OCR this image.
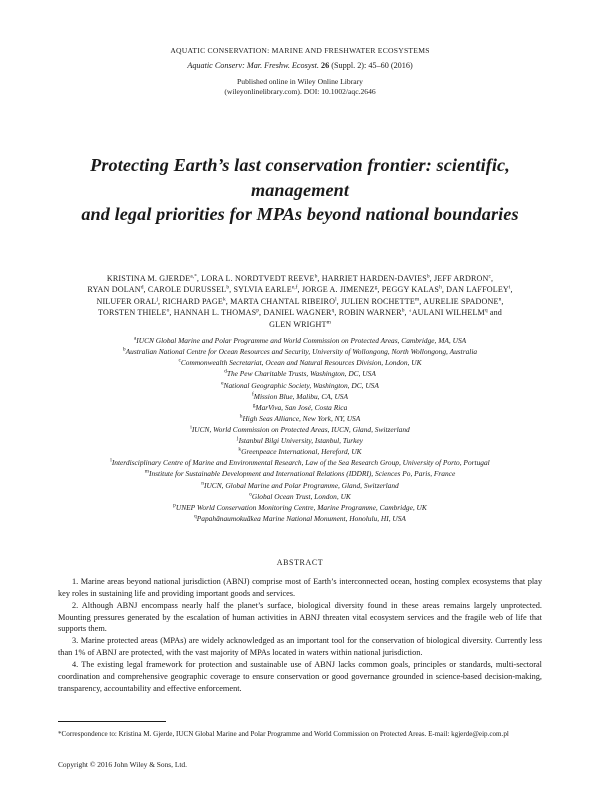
AQUATIC CONSERVATION: MARINE AND FRESHWATER ECOSYSTEMS
Aquatic Conserv: Mar. Freshw. Ecosyst. 26 (Suppl. 2): 45–60 (2016)
Published online in Wiley Online Library
(wileyonlinelibrary.com). DOI: 10.1002/aqc.2646
Protecting Earth’s last conservation frontier: scientific, management
and legal priorities for MPAs beyond national boundaries
KRISTINA M. $GJERDE^{a,*}$, LORA L. NORDTVEDT REEVE$^b$, HARRIET HARDEN-DAVIES$^b$, JEFF ARDRON$^c$,
RYAN DOLAN$^d$, CAROLE DURUSSEL$^b$, SYLVIA EARLE$^{e,f}$, JORGE A. JIMENEZ$^g$, PEGGY KALAS$^h$, DAN LAFFOLEY$^i$,
NILUFER ORAL$^j$, RICHARD PAGE$^k$, MARTA CHANTAL RIBEIRO$^l$, JULIEN ROCHETTE$^m$, AURELIE SPADONE$^n$,
TORSTEN THIELE$^o$, HANNAH L. THOMAS$^p$, DANIEL WAGNER$^q$, ROBIN WARNER$^b$, ʻAULANI WILHELM$^q$ and
GLEN WRIGHT$^m$
$^a$IUCN Global Marine and Polar Programme and World Commission on Protected Areas, Cambridge, MA, USA
$^b$Australian National Centre for Ocean Resources and Security, University of Wollongong, North Wollongong, Australia
$^c$Commonwealth Secretariat, Ocean and Natural Resources Division, London, UK
$^d$The Pew Charitable Trusts, Washington, DC, USA
$^e$National Geographic Society, Washington, DC, USA
$^f$Mission Blue, Malibu, CA, USA
$^g$MarViva, San José, Costa Rica
$^h$High Seas Alliance, New York, NY, USA
$^i$IUCN, World Commission on Protected Areas, IUCN, Gland, Switzerland
$^j$Istanbul Bilgi University, Istanbul, Turkey
$^k$Greenpeace International, Hereford, UK
$^l$Interdisciplinary Centre of Marine and Environmental Research, Law of the Sea Research Group, University of Porto, Portugal
$^m$Institute for Sustainable Development and International Relations (IDDRI), Sciences Po, Paris, France
$^n$IUCN, Global Marine and Polar Programme, Gland, Switzerland
$^o$Global Ocean Trust, London, UK
$^p$UNEP World Conservation Monitoring Centre, Marine Programme, Cambridge, UK
$^q$Papahānaumokuākea Marine National Monument, Honolulu, HI, USA
ABSTRACT

1. Marine areas beyond national jurisdiction (ABNJ) comprise most of Earth’s interconnected ocean, hosting complex ecosystems that play key roles in sustaining life and providing important goods and services.

2. Although ABNJ encompass nearly half the planet’s surface, biological diversity found in these areas remains largely unprotected. Mounting pressures generated by the escalation of human activities in ABNJ threaten vital ecosystem services and the fragile web of life that supports them.

3. Marine protected areas (MPAs) are widely acknowledged as an important tool for the conservation of biological diversity. Currently less than 1% of ABNJ are protected, with the vast majority of MPAs located in waters within national jurisdiction.

4. The existing legal framework for protection and sustainable use of ABNJ lacks common goals, principles or standards, multi-sectoral coordination and comprehensive geographic coverage to ensure conservation or good governance grounded in science-based decision-making, transparency, accountability and effective enforcement.

*Correspondence to: Kristina M. Gjerde, IUCN Global Marine and Polar Programme and World Commission on Protected Areas. E-mail: kgjerde@eip.com.pl
Copyright © 2016 John Wiley & Sons, Ltd.
